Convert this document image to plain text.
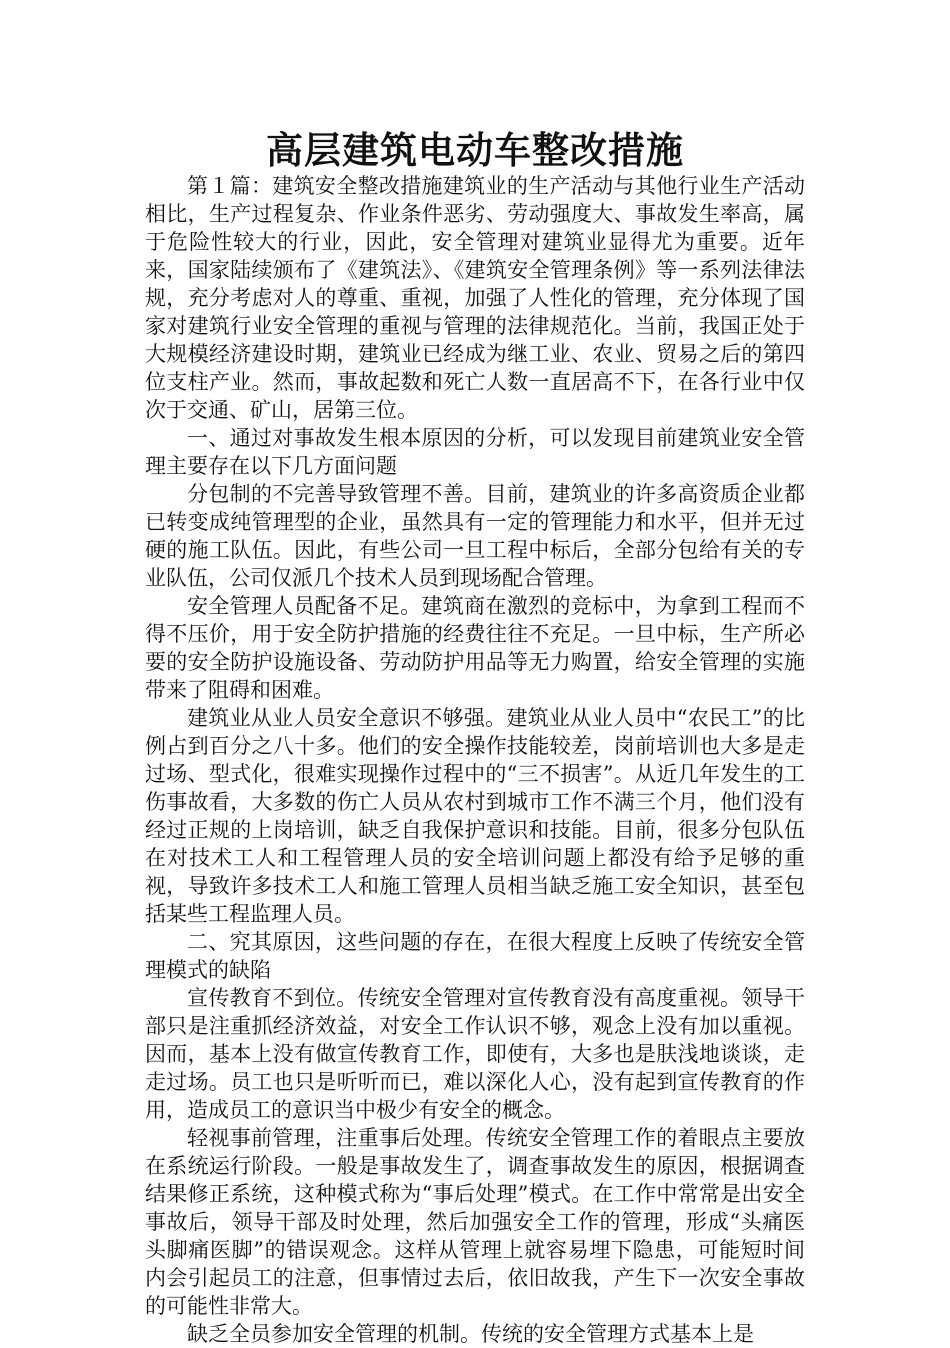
高层建筑电动车整改措施

第１篇：建筑安全整改措施建筑业的生产活动与其他行业生产活动相比，生产过程复杂、作业条件恶劣、劳动强度大、事故发生率高，属于危险性较大的行业，因此，安全管理对建筑业显得尤为重要。近年来，国家陆续颁布了《建筑法》、《建筑安全管理条例》等一系列法律法规，充分考虑对人的尊重、重视，加强了人性化的管理，充分体现了国家对建筑行业安全管理的重视与管理的法律规范化。当前，我国正处于大规模经济建设时期，建筑业已经成为继工业、农业、贸易之后的第四位支柱产业。然而，事故起数和死亡人数一直居高不下，在各行业中仅次于交通、矿山，居第三位。

一、通过对事故发生根本原因的分析，可以发现目前建筑业安全管理主要存在以下几方面问题

分包制的不完善导致管理不善。目前，建筑业的许多高资质企业都已转变成纯管理型的企业，虽然具有一定的管理能力和水平，但并无过硬的施工队伍。因此，有些公司一旦工程中标后，全部分包给有关的专业队伍，公司仅派几个技术人员到现场配合管理。

安全管理人员配备不足。建筑商在激烈的竞标中，为拿到工程而不得不压价，用于安全防护措施的经费往往不充足。一旦中标，生产所必要的安全防护设施设备、劳动防护用品等无力购置，给安全管理的实施带来了阻碍和困难。

建筑业从业人员安全意识不够强。建筑业从业人员中“农民工”的比例占到百分之八十多。他们的安全操作技能较差，岗前培训也大多是走过场、型式化，很难实现操作过程中的“三不损害”。从近几年发生的工伤事故看，大多数的伤亡人员从农村到城市工作不满三个月，他们没有经过正规的上岗培训，缺乏自我保护意识和技能。目前，很多分包队伍在对技术工人和工程管理人员的安全培训问题上都没有给予足够的重视，导致许多技术工人和施工管理人员相当缺乏施工安全知识，甚至包括某些工程监理人员。

二、究其原因，这些问题的存在，在很大程度上反映了传统安全管理模式的缺陷

宣传教育不到位。传统安全管理对宣传教育没有高度重视。领导干部只是注重抓经济效益，对安全工作认识不够，观念上没有加以重视。因而，基本上没有做宣传教育工作，即使有，大多也是肤浅地谈谈，走走过场。员工也只是听听而已，难以深化人心，没有起到宣传教育的作用，造成员工的意识当中极少有安全的概念。

轻视事前管理，注重事后处理。传统安全管理工作的着眼点主要放在系统运行阶段。一般是事故发生了，调查事故发生的原因，根据调查结果修正系统，这种模式称为“事后处理”模式。在工作中常常是出安全事故后，领导干部及时处理，然后加强安全工作的管理，形成“头痛医头脚痛医脚”的错误观念。这样从管理上就容易埋下隐患，可能短时间内会引起员工的注意，但事情过去后，依旧故我，产生下一次安全事故的可能性非常大。

缺乏全员参加安全管理的机制。传统的安全管理方式基本上是
